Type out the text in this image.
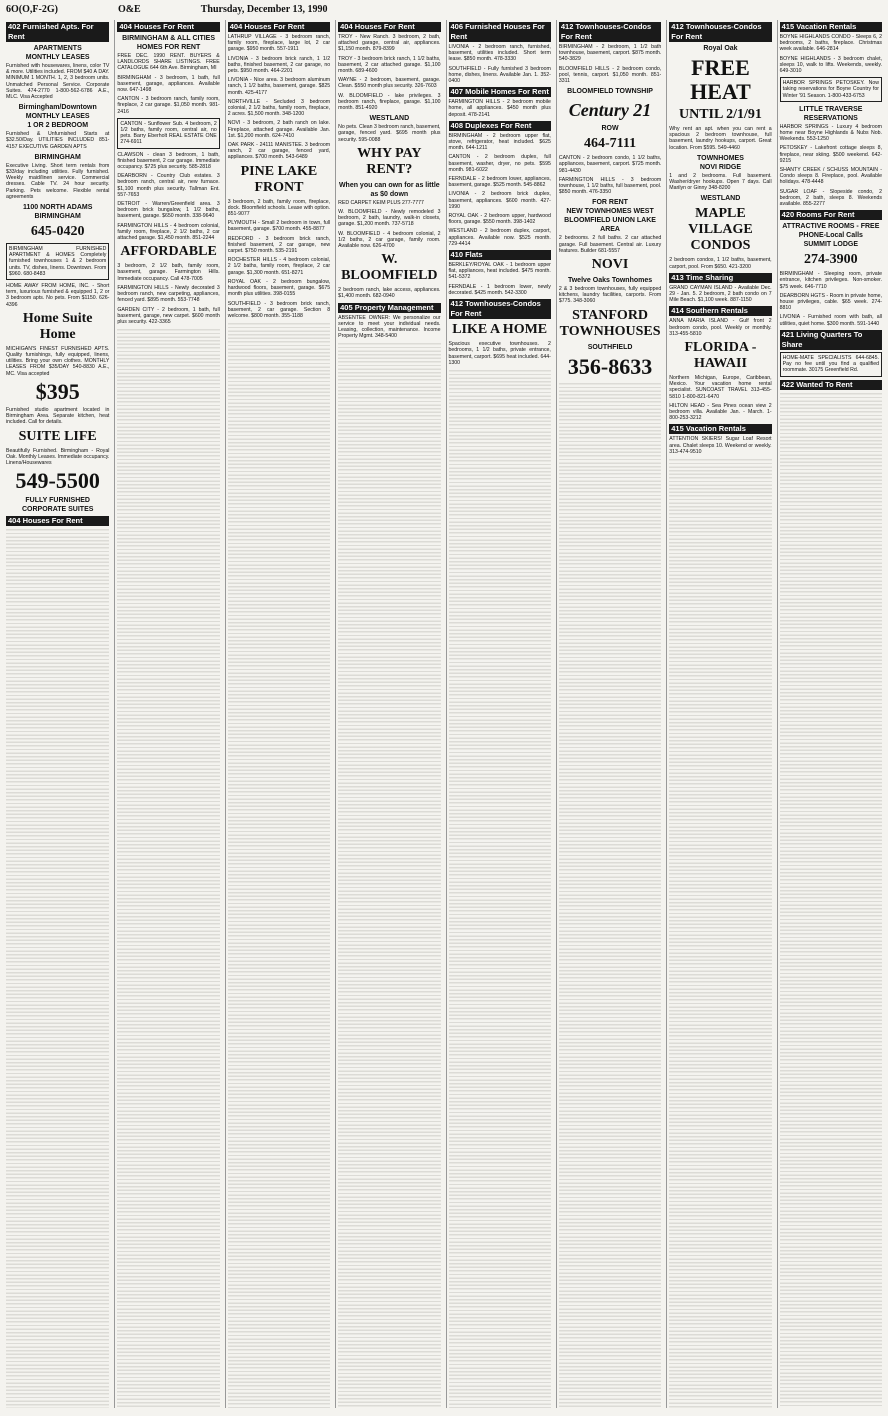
6O(O,F-2G)	O&E	Thursday, December 13, 1990
402 Furnished Apts. For Rent
APARTMENTS
MONTHLY LEASES
Furnished with housewares, linens, color TV & more. Utilities included. FROM $40 A DAY. MINIMUM 1 MONTH. 1, 2, 3 bedroom units. Unmatched Personal Service. Corporate Suites. 474-2770 1-800-562-6786 A.E., MLC. Visa Accepted
Birmingham/Downtown
MONTHLY LEASES
1 OR 2 BEDROOM
Furnished & Unfurnished Starts at $32.50/Day. UTILITIES INCLUDED 851-4157 EXECUTIVE GARDEN APTS
BIRMINGHAM
Executive Living. Short term rentals from $33/day including utilities. Fully furnished. Weekly maid/linen service. Commercial dresses. Cable TV. 24 hour security. Parking. Pets welcome. Flexible rental agreements
1100 NORTH ADAMS BIRMINGHAM
645-0420
BIRMINGHAM FURNISHED APARTMENT & HOMES Completely furnished townhouses 1 & 2 bedroom units. TV, dishes, linens. Downtown. From $960. 680-8483
HOME AWAY FROM HOME, INC. - Short term, luxurious furnished & equipped 1, 2 or 3 bedroom apts. No pets. From $1150. 626-4396
Home Suite Home
MICHIGAN'S FINEST FURNISHED APTS. Quality furnishings, fully equipped, linens, utilities. Bring your own clothes. MONTHLY LEASES FROM $35/DAY 540-8830 A.E., MC. Visa accepted
$395
Furnished studio apartment located in Birmingham Area. Separate kitchen, heat included. Call for details.
SUITE LIFE
Beautifully Furnished. Birmingham - Royal Oak. Monthly Leases. Immediate occupancy. Linens/Housewares
549-5500
FULLY FURNISHED CORPORATE SUITES
404 Houses For Rent
404 Houses For Rent
BIRMINGHAM & ALL CITIES
HOMES FOR RENT
FREE DEC. 1990 RENT. BUYERS & LANDLORDS SHARE LISTINGS. FREE CATALOGUE 644 6th Ave. Birmingham, MI
BIRMINGHAM - 3 bedroom, 1 bath, full basement, garage, appliances. Available now. 647-1498
CANTON - 3 bedroom ranch, family room, fireplace, 2 car garage. $1,050 month. 981-2416
CANTON - Sunflower Sub. 4 bedroom, 2 1/2 baths, family room, central air, no pets. Barry Eberholt REAL ESTATE ONE 274-6911
CLAWSON - clean 3 bedroom, 1 bath, finished basement, 2 car garage. Immediate occupancy. $725 plus security. 585-2818
DEARBORN - Country Club estates. 3 bedroom ranch, central air, new furnace. $1,100 month plus security. Tallman Ent. 557-7653
DETROIT - Warren/Greenfield area. 3 bedroom brick bungalow, 1 1/2 baths, basement, garage. $650 month. 338-9640
FARMINGTON HILLS - 4 bedroom colonial, family room, fireplace, 2 1/2 baths, 2 car attached garage. $1,450 month. 851-2244
AFFORDABLE
3 bedroom, 2 1/2 bath, family room, basement, garage. Farmington Hills. Immediate occupancy. Call 478-7005
FARMINGTON HILLS - Newly decorated 3 bedroom ranch, new carpeting, appliances, fenced yard. $895 month. 553-7748
GARDEN CITY - 2 bedroom, 1 bath, full basement, garage, new carpet. $600 month plus security. 422-3365
404 Houses For Rent
LATHRUP VILLAGE - 3 bedroom ranch, family room, fireplace, large lot, 2 car garage. $950 month. 557-1911
LIVONIA - 3 bedroom brick ranch, 1 1/2 baths, finished basement, 2 car garage, no pets. $950 month. 464-2201
LIVONIA - Nice area. 3 bedroom aluminum ranch, 1 1/2 baths, basement, garage. $825 month. 425-4177
NORTHVILLE - Secluded 3 bedroom colonial, 2 1/2 baths, family room, fireplace, 2 acres. $1,500 month. 348-1200
NOVI - 3 bedroom, 2 bath ranch on lake. Fireplace, attached garage. Available Jan. 1st. $1,200 month. 624-7410
OAK PARK - 24111 MANISTEE. 3 bedroom ranch, 2 car garage, fenced yard, appliances. $700 month. 543-6489
PINE LAKE FRONT
3 bedroom, 2 bath, family room, fireplace, dock. Bloomfield schools. Lease with option. 851-9077
PLYMOUTH - Small 2 bedroom in town, full basement, garage. $700 month. 455-8877
REDFORD - 3 bedroom brick ranch, finished basement, 2 car garage, new carpet. $750 month. 535-2191
ROCHESTER HILLS - 4 bedroom colonial, 2 1/2 baths, family room, fireplace, 2 car garage. $1,300 month. 651-8271
ROYAL OAK - 2 bedroom bungalow, hardwood floors, basement, garage. $675 month plus utilities. 398-0155
SOUTHFIELD - 3 bedroom brick ranch, basement, 2 car garage. Section 8 welcome. $800 month. 355-1188
404 Houses For Rent
TROY - New Ranch. 3 bedroom, 2 bath, attached garage, central air, appliances. $1,150 month. 879-8399
TROY - 3 bedroom brick ranch, 1 1/2 baths, basement, 2 car attached garage. $1,100 month. 689-4600
WAYNE - 2 bedroom, basement, garage. Clean. $550 month plus security. 326-7603
W. BLOOMFIELD - lake privileges. 3 bedroom ranch, fireplace, garage. $1,100 month. 851-4920
WESTLAND
No pets. Clean 3 bedroom ranch, basement, garage, fenced yard. $695 month plus security. 595-0088
WHY PAY RENT?
When you can own for as little as $0 down
RED CARPET KEIM PLUS 277-7777
W. BLOOMFIELD - Newly remodeled 3 bedroom, 2 bath, laundry, walk-in closets, garage. $1,200 month. 737-5718
W. BLOOMFIELD - 4 bedroom colonial, 2 1/2 baths, 2 car garage, family room. Available now. 626-4700
W. BLOOMFIELD
2 bedroom ranch, lake access, appliances. $1,400 month. 682-0940
405 Property Management
ABSENTEE OWNER: We personalize our service to meet your individual needs. Leasing, collection, maintenance. Income Property Mgmt. 348-5400
406 Furnished Houses For Rent
LIVONIA - 2 bedroom ranch, furnished, basement, utilities included. Short term lease. $850 month. 478-3330
SOUTHFIELD - Fully furnished 3 bedroom home, dishes, linens. Available Jan. 1. 352-0400
407 Mobile Homes For Rent
FARMINGTON HILLS - 2 bedroom mobile home, all appliances. $450 month plus deposit. 478-2141
408 Duplexes For Rent
BIRMINGHAM - 2 bedroom upper flat, stove, refrigerator, heat included. $625 month. 644-1211
CANTON - 2 bedroom duplex, full basement, washer, dryer, no pets. $595 month. 981-6022
FERNDALE - 2 bedroom lower, appliances, basement, garage. $525 month. 545-8862
LIVONIA - 2 bedroom brick duplex, basement, appliances. $600 month. 427-1990
ROYAL OAK - 2 bedroom upper, hardwood floors, garage. $550 month. 398-1402
WESTLAND - 2 bedroom duplex, carport, appliances. Available now. $525 month. 729-4414
410 Flats
BERKLEY/ROYAL OAK - 1 bedroom upper flat, appliances, heat included. $475 month. 541-5372
FERNDALE - 1 bedroom lower, newly decorated. $425 month. 542-3300
412 Townhouses-Condos For Rent
LIKE A HOME
Spacious executive townhouses. 2 bedrooms, 1 1/2 baths, private entrance, basement, carport. $695 heat included. 644-1300
412 Townhouses-Condos For Rent
BIRMINGHAM - 2 bedroom, 1 1/2 bath townhouse, basement, carport. $875 month. 540-3829
BLOOMFIELD HILLS - 2 bedroom condo, pool, tennis, carport. $1,050 month. 851-3311
BLOOMFIELD TOWNSHIP
Century 21
ROW
464-7111
CANTON - 2 bedroom condo, 1 1/2 baths, appliances, basement, carport. $725 month. 981-4430
FARMINGTON HILLS - 3 bedroom townhouse, 1 1/2 baths, full basement, pool. $850 month. 476-3350
FOR RENT
NEW TOWNHOMES WEST BLOOMFIELD UNION LAKE AREA
2 bedrooms. 2 full baths. 2 car attached garage. Full basement. Central air. Luxury features. Builder 681-5557
NOVI
Twelve Oaks Townhomes
2 & 3 bedroom townhouses, fully equipped kitchens, laundry facilities, carports. From $775. 348-3060
STANFORD TOWNHOUSES
SOUTHFIELD
356-8633
412 Townhouses-Condos For Rent
Royal Oak
FREE HEAT
UNTIL 2/1/91
Why rent an apt. when you can rent a spacious 2 bedroom townhouse, full basement, laundry hookups, carport. Great location. From $595. 549-4460
TOWNHOMES
NOVI RIDGE
1 and 2 bedrooms. Full basement. Washer/dryer hookups. Open 7 days. Call Marilyn or Ginny 348-8200
WESTLAND
MAPLE VILLAGE CONDOS
2 bedroom condos, 1 1/2 baths, basement, carport, pool. From $650. 421-3200
413 Time Sharing
GRAND CAYMAN ISLAND - Available Dec. 29 - Jan. 5. 2 bedroom, 2 bath condo on 7 Mile Beach. $1,100 week. 887-1150
414 Southern Rentals
ANNA MARIA ISLAND - Gulf front 2 bedroom condo, pool. Weekly or monthly. 313-455-5810
FLORIDA - HAWAII
Northern Michigan, Europe, Caribbean, Mexico. Your vacation home rental specialist. SUNCOAST TRAVEL 313-455-5810 1-800-821-6470
HILTON HEAD - Sea Pines ocean view 2 bedroom villa. Available Jan. - March. 1-800-253-3212
415 Vacation Rentals
ATTENTION SKIERS! Sugar Loaf Resort area. Chalet sleeps 10. Weekend or weekly. 313-474-9510
415 Vacation Rentals
BOYNE HIGHLANDS CONDO - Sleeps 6, 2 bedrooms, 2 baths, fireplace. Christmas week available. 646-2814
BOYNE HIGHLANDS - 3 bedroom chalet, sleeps 10, walk to lifts. Weekends, weekly. 649-3010
HARBOR SPRINGS PETOSKEY. Now taking reservations for Boyne Country for Winter '91 Season. 1-800-433-6753
LITTLE TRAVERSE RESERVATIONS
HARBOR SPRINGS - Luxury 4 bedroom home near Boyne Highlands & Nubs Nob. Weekends. 553-1250
PETOSKEY - Lakefront cottage sleeps 8, fireplace, near skiing. $500 weekend. 642-9215
SHANTY CREEK / SCHUSS MOUNTAIN - Condo sleeps 8. Fireplace, pool. Available holidays. 478-4448
SUGAR LOAF - Slopeside condo, 2 bedroom, 2 bath, sleeps 8. Weekends available. 855-2277
420 Rooms For Rent
ATTRACTIVE ROOMS - FREE PHONE-Local Calls
SUMMIT LODGE
274-3900
BIRMINGHAM - Sleeping room, private entrance, kitchen privileges. Non-smoker. $75 week. 646-7710
DEARBORN HGTS - Room in private home, house privileges, cable. $65 week. 274-8810
LIVONIA - Furnished room with bath, all utilities, quiet home. $300 month. 591-1440
421 Living Quarters To Share
HOME-MATE SPECIALISTS 644-6845. Pay no fee until you find a qualified roommate. 30175 Greenfield Rd.
422 Wanted To Rent
